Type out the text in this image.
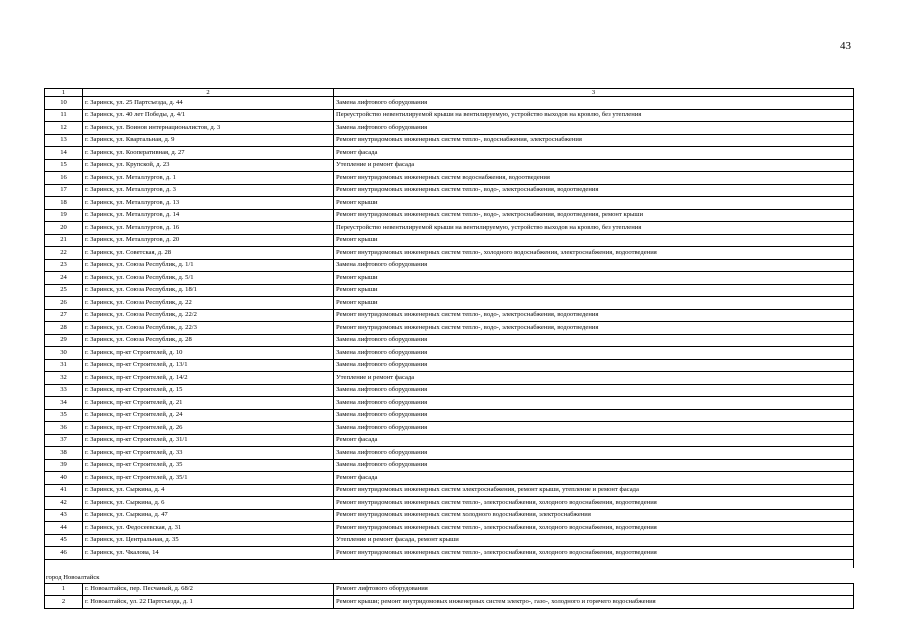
43
1	2	3
10	г. Заринск, ул. 25 Партсъезда, д. 44	Замена лифтового оборудования
11	г. Заринск, ул. 40 лет Победы, д. 4/1	Переустройство невентилируемой крыши на вентилируемую, устройство выходов на кровлю, без утепления
12	г. Заринск, ул. Воинов интернационалистов, д. 3	Замена лифтового оборудования
13	г. Заринск, ул. Квартальная, д. 9	Ремонт внутридомовых инженерных систем тепло-, водоснабжения, электроснабжения
14	г. Заринск, ул. Кооперативная, д. 27	Ремонт фасада
15	г. Заринск, ул. Крупской, д. 23	Утепление и ремонт фасада
16	г. Заринск, ул. Металлургов, д. 1	Ремонт внутридомовых инженерных систем водоснабжения, водоотведения
17	г. Заринск, ул. Металлургов, д. 3	Ремонт внутридомовых инженерных систем тепло-, водо-, электроснабжения, водоотведения
18	г. Заринск, ул. Металлургов, д. 13	Ремонт крыши
19	г. Заринск, ул. Металлургов, д. 14	Ремонт внутридомовых инженерных систем тепло-, водо-, электроснабжения, водоотведения, ремонт крыши
20	г. Заринск, ул. Металлургов, д. 16	Переустройство невентилируемой крыши на вентилируемую, устройство выходов на кровлю, без утепления
21	г. Заринск, ул. Металлургов, д. 20	Ремонт крыши
22	г. Заринск, ул. Советская, д. 28	Ремонт внутридомовых инженерных систем тепло-, холодного водоснабжения, электроснабжения, водоотведения
23	г. Заринск, ул. Союза Республик, д. 1/1	Замена лифтового оборудования
24	г. Заринск, ул. Союза Республик, д. 5/1	Ремонт крыши
25	г. Заринск, ул. Союза Республик, д. 18/1	Ремонт крыши
26	г. Заринск, ул. Союза Республик, д. 22	Ремонт крыши
27	г. Заринск, ул. Союза Республик, д. 22/2	Ремонт внутридомовых инженерных систем тепло-, водо-, электроснабжения, водоотведения
28	г. Заринск, ул. Союза Республик, д. 22/3	Ремонт внутридомовых инженерных систем тепло-, водо-, электроснабжения, водоотведения
29	г. Заринск, ул. Союза Республик, д. 28	Замена лифтового оборудования
30	г. Заринск, пр-кт Строителей, д. 10	Замена лифтового оборудования
31	г. Заринск, пр-кт Строителей, д. 13/1	Замена лифтового оборудования
32	г. Заринск, пр-кт Строителей, д. 14/2	Утепление и ремонт фасада
33	г. Заринск, пр-кт Строителей, д. 15	Замена лифтового оборудования
34	г. Заринск, пр-кт Строителей, д. 21	Замена лифтового оборудования
35	г. Заринск, пр-кт Строителей, д. 24	Замена лифтового оборудования
36	г. Заринск, пр-кт Строителей, д. 26	Замена лифтового оборудования
37	г. Заринск, пр-кт Строителей, д. 31/1	Ремонт фасада
38	г. Заринск, пр-кт Строителей, д. 33	Замена лифтового оборудования
39	г. Заринск, пр-кт Строителей, д. 35	Замена лифтового оборудования
40	г. Заринск, пр-кт Строителей, д. 35/1	Ремонт фасада
41	г. Заринск, ул. Сыркина, д. 4	Ремонт внутридомовых инженерных систем электроснабжения, ремонт крыши, утепление и ремонт фасада
42	г. Заринск, ул. Сыркина, д. 6	Ремонт внутридомовых инженерных систем тепло-, электроснабжения, холодного водоснабжения, водоотведения
43	г. Заринск, ул. Сыркина, д. 47	Ремонт внутридомовых инженерных систем холодного водоснабжения, электроснабжения
44	г. Заринск, ул. Федосеевская, д. 31	Ремонт внутридомовых инженерных систем тепло-, электроснабжения, холодного водоснабжения, водоотведения
45	г. Заринск, ул. Центральная, д. 35	Утепление и ремонт фасада, ремонт крыши
46	г. Заринск, ул. Чкалова, 14	Ремонт внутридомовых инженерных систем тепло-, электроснабжения, холодного водоснабжения, водоотведения

город Новоалтайск		
1	г. Новоалтайск, пер. Песчаный, д. 68/2	Ремонт лифтового оборудования
2	г. Новоалтайск, ул. 22 Партсъезда, д. 1	Ремонт крыши; ремонт внутридомовых инженерных систем электро-, газо-, холодного и горячего водоснабжения
